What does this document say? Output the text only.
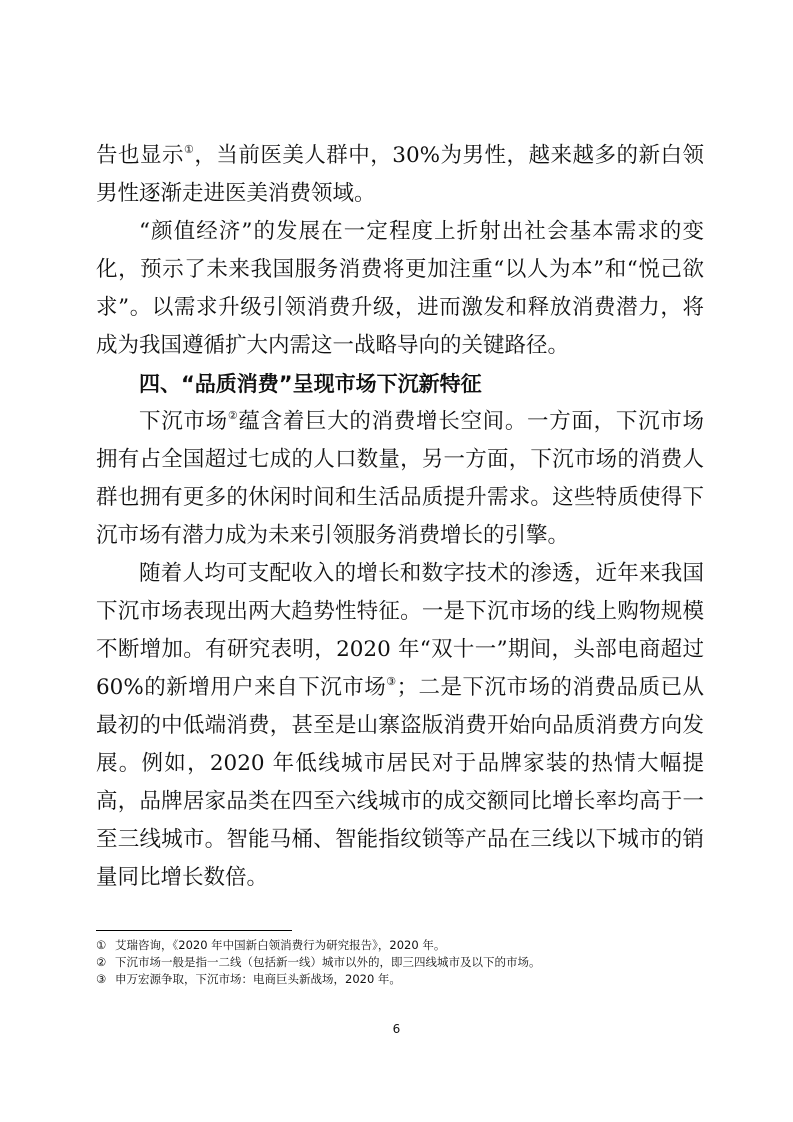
告也显示①，当前医美人群中，30%为男性，越来越多的新白领男性逐渐走进医美消费领域。

“颜值经济”的发展在一定程度上折射出社会基本需求的变化，预示了未来我国服务消费将更加注重“以人为本”和“悦己欲求”。以需求升级引领消费升级，进而激发和释放消费潜力，将成为我国遵循扩大内需这一战略导向的关键路径。

四、“品质消费”呈现市场下沉新特征

下沉市场②蕴含着巨大的消费增长空间。一方面，下沉市场拥有占全国超过七成的人口数量，另一方面，下沉市场的消费人群也拥有更多的休闲时间和生活品质提升需求。这些特质使得下沉市场有潜力成为未来引领服务消费增长的引擎。

随着人均可支配收入的增长和数字技术的渗透，近年来我国下沉市场表现出两大趋势性特征。一是下沉市场的线上购物规模不断增加。有研究表明，2020 年“双十一”期间，头部电商超过60%的新增用户来自下沉市场③；二是下沉市场的消费品质已从最初的中低端消费，甚至是山寨盗版消费开始向品质消费方向发展。例如，2020 年低线城市居民对于品牌家装的热情大幅提高，品牌居家品类在四至六线城市的成交额同比增长率均高于一至三线城市。智能马桶、智能指纹锁等产品在三线以下城市的销量同比增长数倍。

① 艾瑞咨询，《2020 年中国新白领消费行为研究报告》，2020 年。

② 下沉市场一般是指一二线（包括新一线）城市以外的，即三四线城市及以下的市场。

③ 申万宏源争取，下沉市场：电商巨头新战场，2020 年。

6
